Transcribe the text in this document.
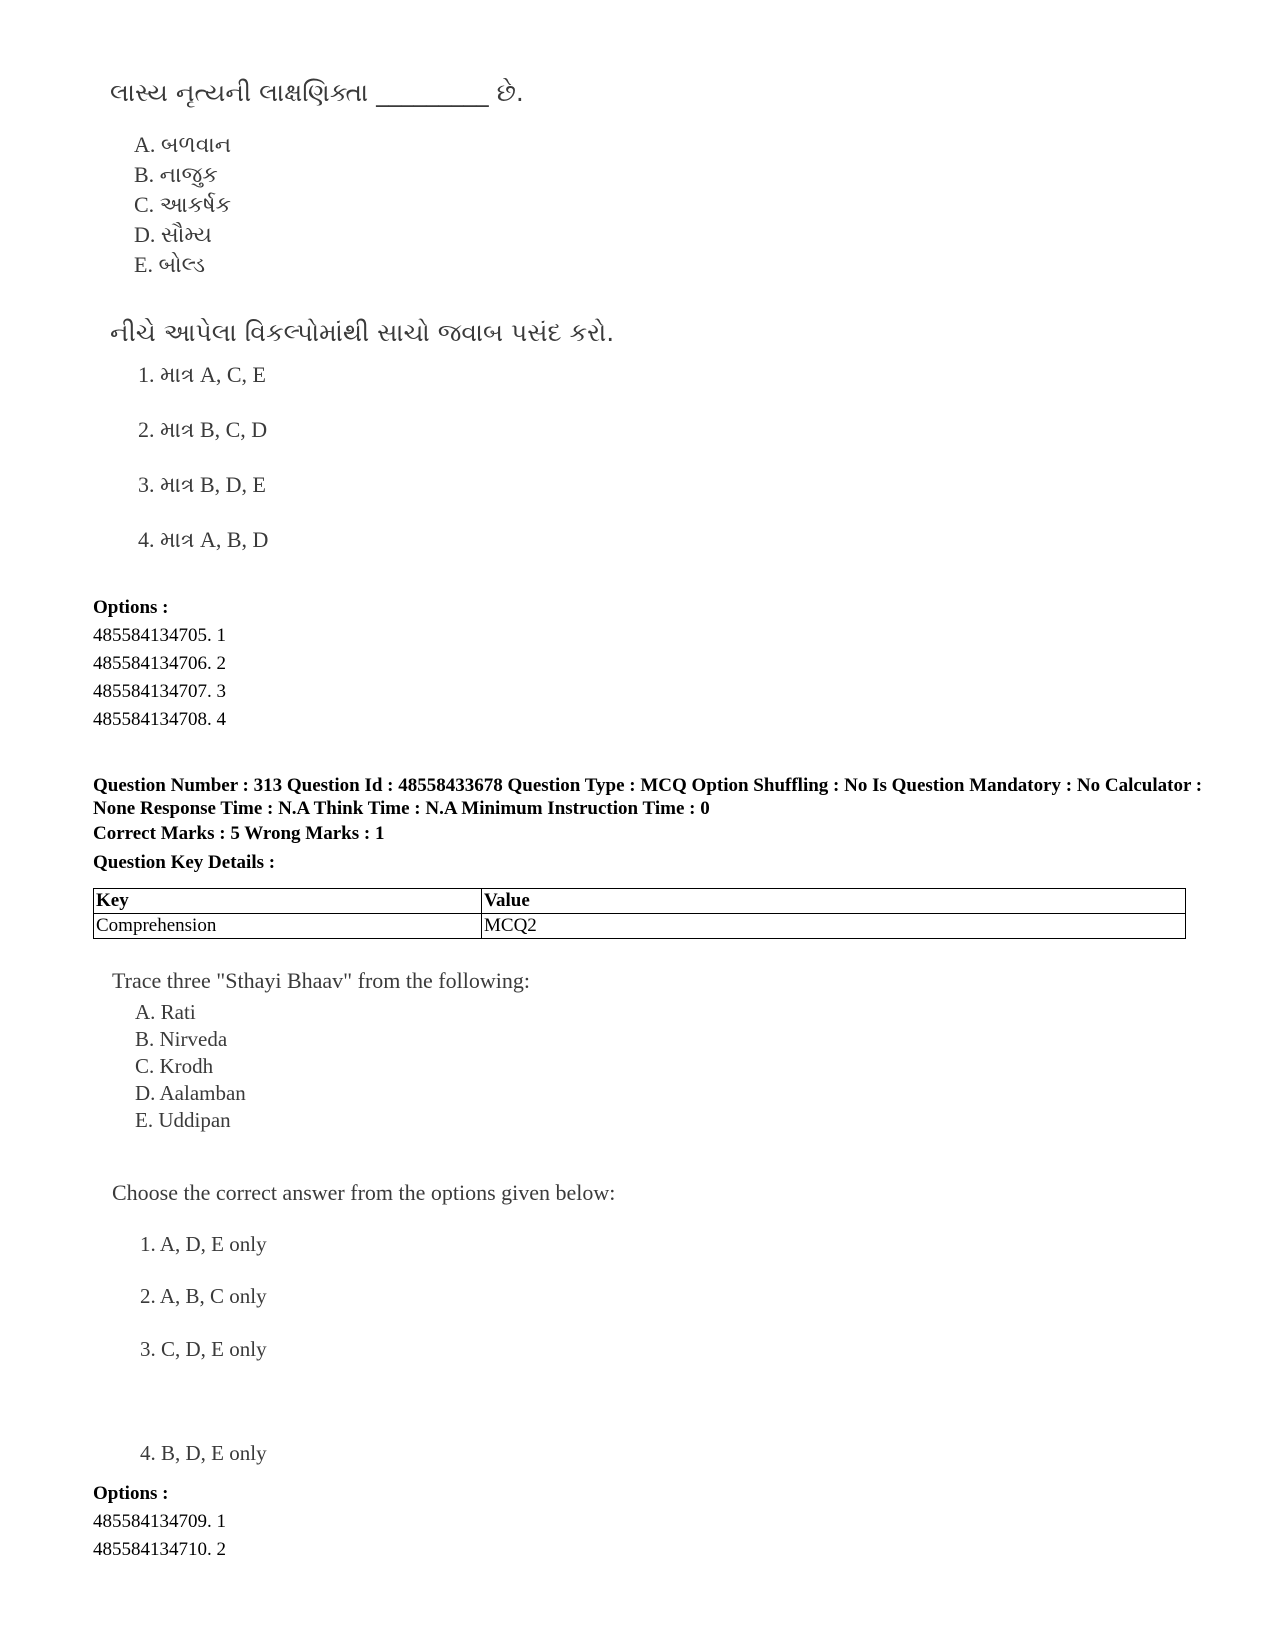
લાસ્ય નૃત્યની લાક્ષણિક્તા _________ છે.
A. બળવાન
B. નાજુક
C. આકર્ષક
D. સૌમ્ય
E. બોલ્ડ
નીચે આપેલા વિકલ્પોમાંથી સાચો જવાબ પસંદ કરો.
1. માત્ર A, C, E
2. માત્ર B, C, D
3. માત્ર B, D, E
4. માત્ર A, B, D
Options :
485584134705. 1
485584134706. 2
485584134707. 3
485584134708. 4
Question Number : 313 Question Id : 48558433678 Question Type : MCQ Option Shuffling : No Is Question Mandatory : No Calculator : None Response Time : N.A Think Time : N.A Minimum Instruction Time : 0
Correct Marks : 5 Wrong Marks : 1
Question Key Details :
Key	Value
Comprehension	MCQ2
Trace three "Sthayi Bhaav" from the following:
A. Rati
B. Nirveda
C. Krodh
D. Aalamban
E. Uddipan
Choose the correct answer from the options given below:
1. A, D, E only
2. A, B, C only
3. C, D, E only
4. B, D, E only
Options :
485584134709. 1
485584134710. 2
